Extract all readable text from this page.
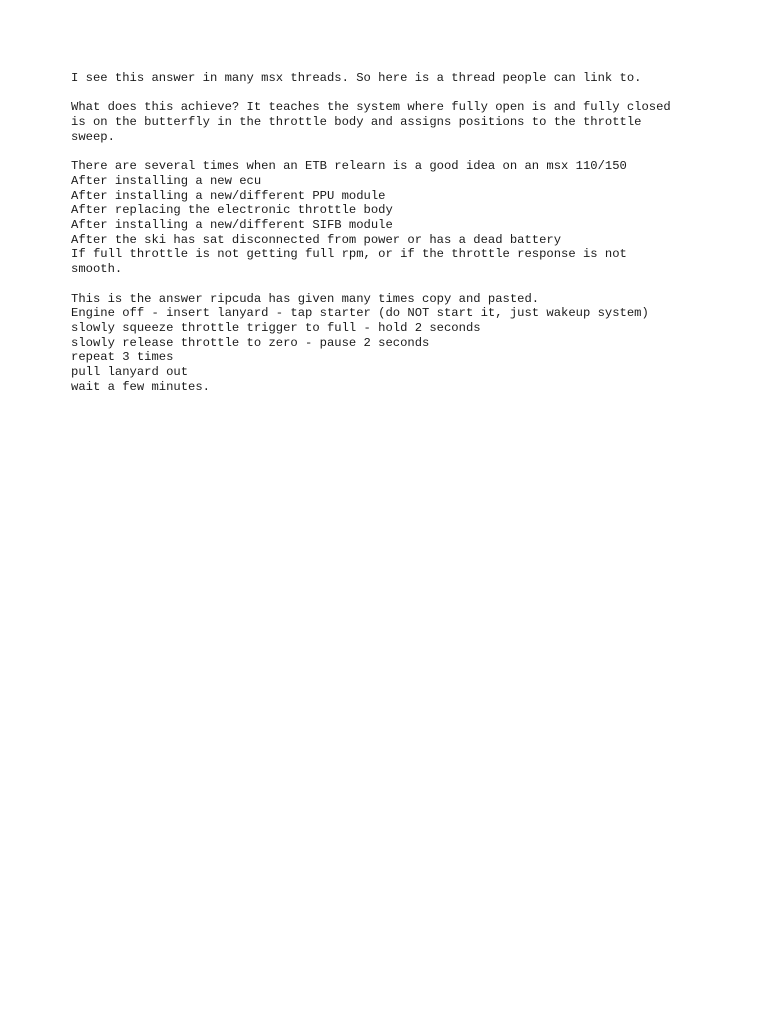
I see this answer in many msx threads. So here is a thread people can link to.

What does this achieve? It teaches the system where fully open is and fully closed
is on the butterfly in the throttle body and assigns positions to the throttle
sweep.

There are several times when an ETB relearn is a good idea on an msx 110/150
After installing a new ecu
After installing a new/different PPU module
After replacing the electronic throttle body
After installing a new/different SIFB module
After the ski has sat disconnected from power or has a dead battery
If full throttle is not getting full rpm, or if the throttle response is not
smooth.

This is the answer ripcuda has given many times copy and pasted.
Engine off - insert lanyard - tap starter (do NOT start it, just wakeup system)
slowly squeeze throttle trigger to full - hold 2 seconds
slowly release throttle to zero - pause 2 seconds
repeat 3 times
pull lanyard out
wait a few minutes.
